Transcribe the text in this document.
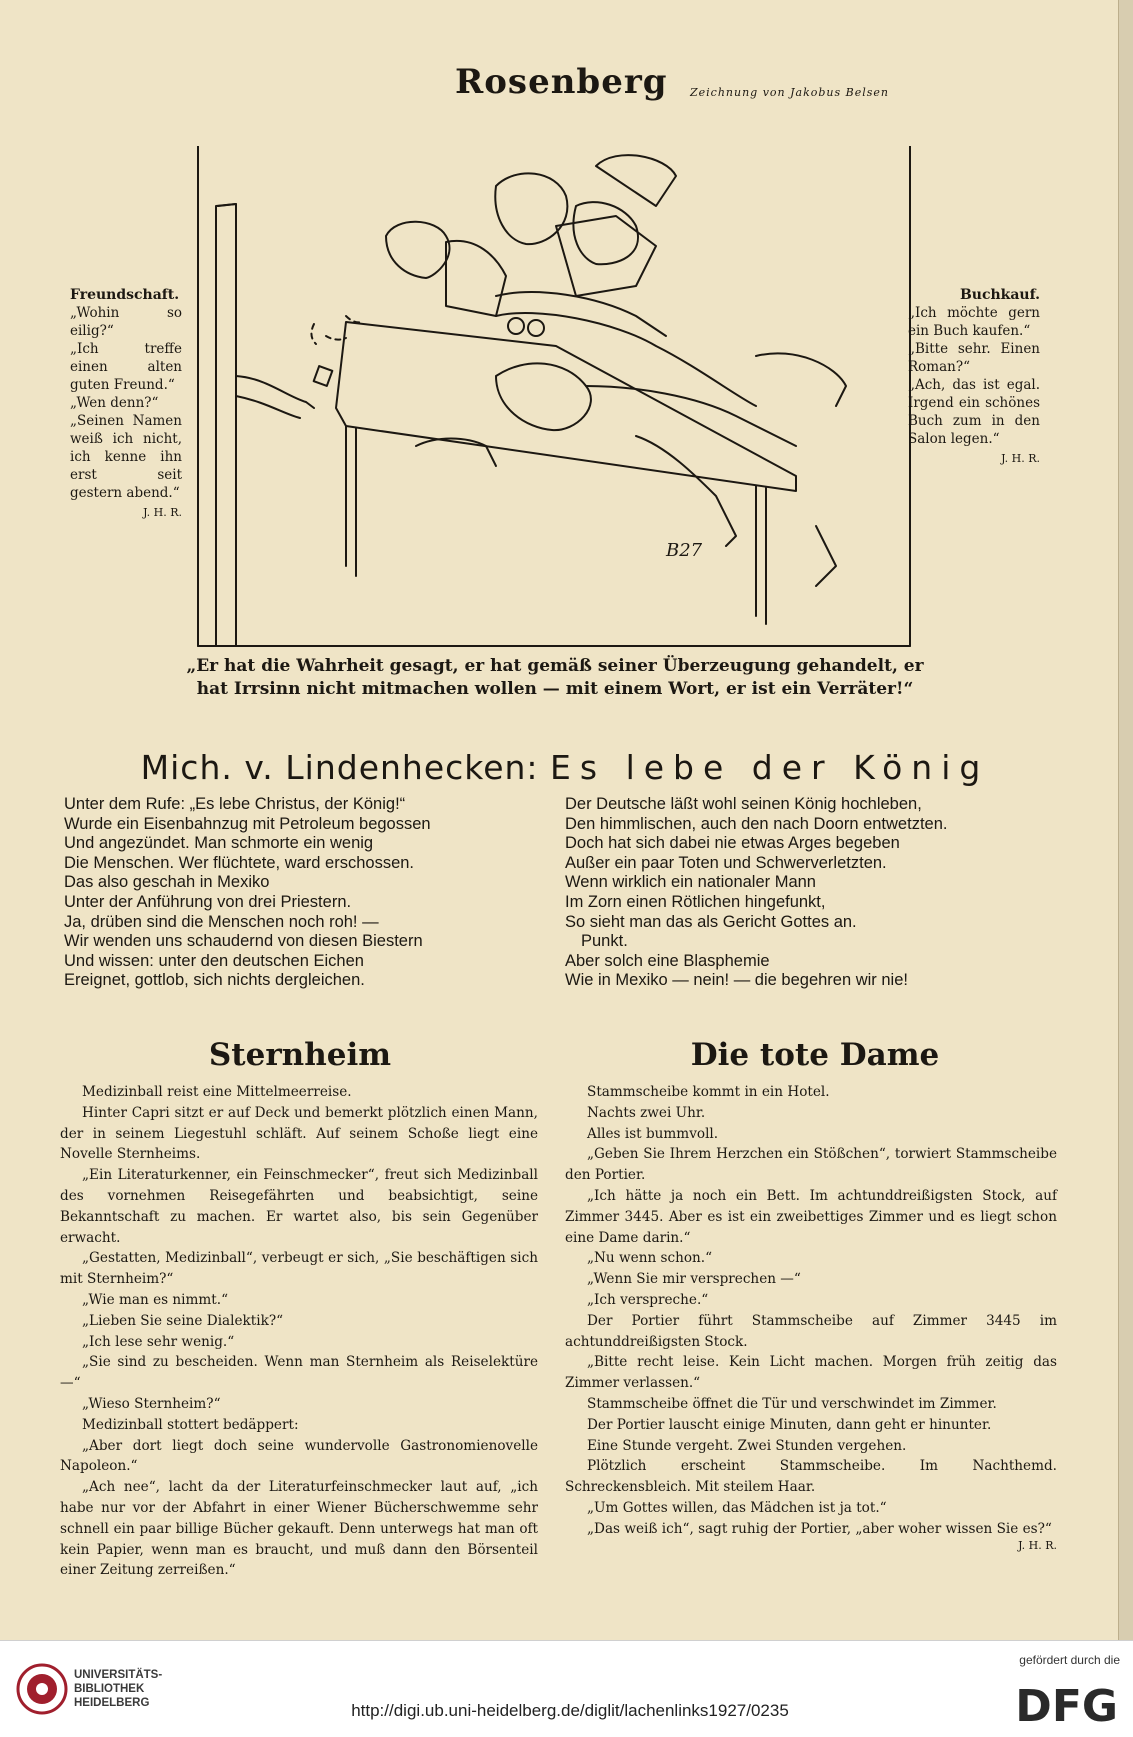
Rosenberg	Zeichnung von Jakobus Belsen

Freundschaft.

„Wohin so eilig?“

„Ich treffe einen alten guten Freund.“

„Wen denn?“

„Seinen Namen weiß ich nicht, ich kenne ihn erst seit gestern abend.“

J. H. R.

Buchkauf.

„Ich möchte gern ein Buch kaufen.“

„Bitte sehr. Einen Roman?“

„Ach, das ist egal. Irgend ein schönes Buch zum in den Salon legen.“

J. H. R.

B27
„Er hat die Wahrheit gesagt, er hat gemäß seiner Überzeugung gehandelt, er
hat Irrsinn nicht mitmachen wollen — mit einem Wort, er ist ein Verräter!“
Mich. v. Lindenhecken: Es lebe der König
Unter dem Rufe: „Es lebe Christus, der König!“
Wurde ein Eisenbahnzug mit Petroleum begossen
Und angezündet. Man schmorte ein wenig
Die Menschen. Wer flüchtete, ward erschossen.
Das also geschah in Mexiko
Unter der Anführung von drei Priestern.
Ja, drüben sind die Menschen noch roh! —
Wir wenden uns schaudernd von diesen Biestern
Und wissen: unter den deutschen Eichen
Ereignet, gottlob, sich nichts dergleichen.
Der Deutsche läßt wohl seinen König hochleben,
Den himmlischen, auch den nach Doorn entwetzten.
Doch hat sich dabei nie etwas Arges begeben
Außer ein paar Toten und Schwerverletzten.
Wenn wirklich ein nationaler Mann
Im Zorn einen Rötlichen hingefunkt,
So sieht man das als Gericht Gottes an.
Punkt.
Aber solch eine Blasphemie
Wie in Mexiko — nein! — die begehren wir nie!
Sternheim	Die tote Dame

Medizinball reist eine Mittelmeerreise.

Hinter Capri sitzt er auf Deck und bemerkt plötzlich einen Mann, der in seinem Liegestuhl schläft. Auf seinem Schoße liegt eine Novelle Sternheims.

„Ein Literaturkenner, ein Feinschmecker“, freut sich Medizinball des vornehmen Reisegefährten und beabsichtigt, seine Bekanntschaft zu machen. Er wartet also, bis sein Gegenüber erwacht.

„Gestatten, Medizinball“, verbeugt er sich, „Sie beschäftigen sich mit Sternheim?“

„Wie man es nimmt.“

„Lieben Sie seine Dialektik?“

„Ich lese sehr wenig.“

„Sie sind zu bescheiden. Wenn man Sternheim als Reiselektüre —“

„Wieso Sternheim?“

Medizinball stottert bedäppert:

„Aber dort liegt doch seine wundervolle Gastronomienovelle Napoleon.“

„Ach nee“, lacht da der Literaturfeinschmecker laut auf, „ich habe nur vor der Abfahrt in einer Wiener Bücherschwemme sehr schnell ein paar billige Bücher gekauft. Denn unterwegs hat man oft kein Papier, wenn man es braucht, und muß dann den Börsenteil einer Zeitung zerreißen.“

Stammscheibe kommt in ein Hotel.

Nachts zwei Uhr.

Alles ist bummvoll.

„Geben Sie Ihrem Herzchen ein Stößchen“, torwiert Stammscheibe den Portier.

„Ich hätte ja noch ein Bett. Im achtunddreißigsten Stock, auf Zimmer 3445. Aber es ist ein zweibettiges Zimmer und es liegt schon eine Dame darin.“

„Nu wenn schon.“

„Wenn Sie mir versprechen —“

„Ich verspreche.“

Der Portier führt Stammscheibe auf Zimmer 3445 im achtunddreißigsten Stock.

„Bitte recht leise. Kein Licht machen. Morgen früh zeitig das Zimmer verlassen.“

Stammscheibe öffnet die Tür und verschwindet im Zimmer.

Der Portier lauscht einige Minuten, dann geht er hinunter.

Eine Stunde vergeht. Zwei Stunden vergehen.

Plötzlich erscheint Stammscheibe. Im Nachthemd. Schreckensbleich. Mit steilem Haar.

„Um Gottes willen, das Mädchen ist ja tot.“

„Das weiß ich“, sagt ruhig der Portier, „aber woher wissen Sie es?“

J. H. R.

UNIVERSITÄTS-
BIBLIOTHEK
HEIDELBERG	http://digi.ub.uni-heidelberg.de/diglit/lachenlinks1927/0235
gefördert durch die
DFG
